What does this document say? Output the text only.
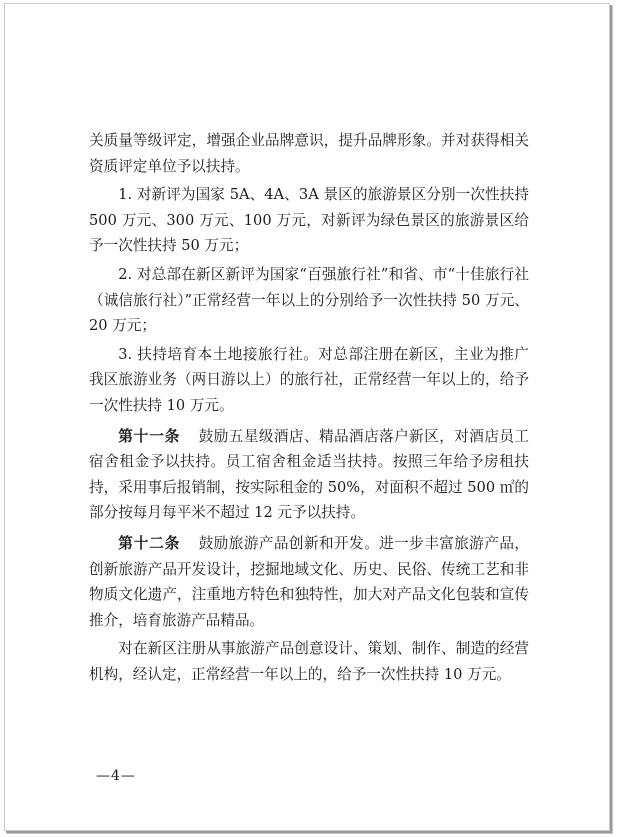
关质量等级评定，增强企业品牌意识，提升品牌形象。并对获得相关资质评定单位予以扶持。

1. 对新评为国家 5A、4A、3A 景区的旅游景区分别一次性扶持 500 万元、300 万元、100 万元，对新评为绿色景区的旅游景区给予一次性扶持 50 万元；

2. 对总部在新区新评为国家“百强旅行社”和省、市“十佳旅行社（诚信旅行社）”正常经营一年以上的分别给予一次性扶持 50 万元、20 万元；

3. 扶持培育本土地接旅行社。对总部注册在新区，主业为推广我区旅游业务（两日游以上）的旅行社，正常经营一年以上的，给予一次性扶持 10 万元。

第十一条 鼓励五星级酒店、精品酒店落户新区，对酒店员工宿舍租金予以扶持。员工宿舍租金适当扶持。按照三年给予房租扶持，采用事后报销制，按实际租金的 50%，对面积不超过 500 ㎡的部分按每月每平米不超过 12 元予以扶持。

第十二条 鼓励旅游产品创新和开发。进一步丰富旅游产品，创新旅游产品开发设计，挖掘地域文化、历史、民俗、传统工艺和非物质文化遗产，注重地方特色和独特性，加大对产品文化包装和宣传推介，培育旅游产品精品。

对在新区注册从事旅游产品创意设计、策划、制作、制造的经营机构，经认定，正常经营一年以上的，给予一次性扶持 10 万元。

—4—
